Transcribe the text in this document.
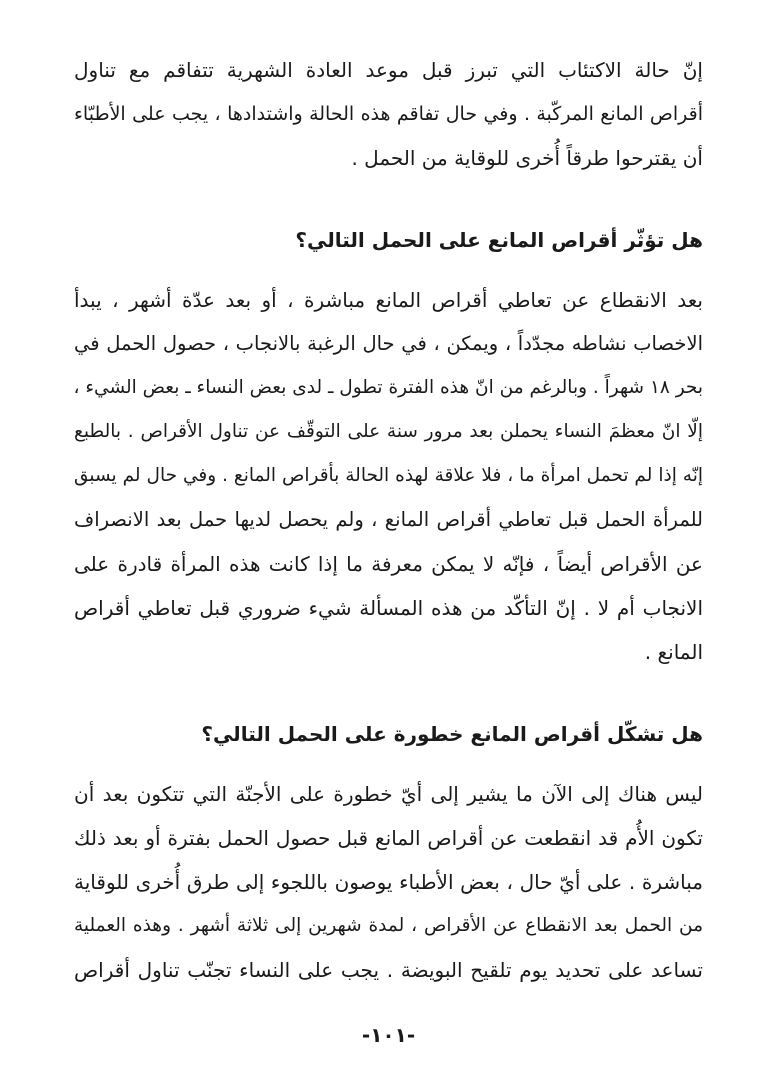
إنّ حالة الاكتئاب التي تبرز قبل موعد العادة الشهرية تتفاقم مع تناول
أقراص المانع المركّبة . وفي حال تفاقم هذه الحالة واشتدادها ، يجب على الأطبّاء
أن يقترحوا طرقاً أُخرى للوقاية من الحمل .
هل تؤثّر أقراص المانع على الحمل التالي؟
بعد الانقطاع عن تعاطي أقراص المانع مباشرة ، أو بعد عدّة أشهر ، يبدأ
الاخصاب نشاطه مجدّداً ، ويمكن ، في حال الرغبة بالانجاب ، حصول الحمل في
بحر ١٨ شهراً . وبالرغم من انّ هذه الفترة تطول ـ لدى بعض النساء ـ بعض الشيء ،
إلّا انّ معظمَ النساء يحملن بعد مرور سنة على التوقّف عن تناول الأقراص . بالطبع
إنّه إذا لم تحمل امرأة ما ، فلا علاقة لهذه الحالة بأقراص المانع . وفي حال لم يسبق
للمرأة الحمل قبل تعاطي أقراص المانع ، ولم يحصل لديها حمل بعد الانصراف
عن الأقراص أيضاً ، فإنّه لا يمكن معرفة ما إذا كانت هذه المرأة قادرة على
الانجاب أم لا . إنّ التأكّد من هذه المسألة شيء ضروري قبل تعاطي أقراص
المانع .
هل تشكّل أقراص المانع خطورة على الحمل التالي؟
ليس هناك إلى الآن ما يشير إلى أيّ خطورة على الأجنّة التي تتكون بعد أن
تكون الأُم قد انقطعت عن أقراص المانع قبل حصول الحمل بفترة أو بعد ذلك
مباشرة . على أيّ حال ، بعض الأطباء يوصون باللجوء إلى طرق أُخرى للوقاية
من الحمل بعد الانقطاع عن الأقراص ، لمدة شهرين إلى ثلاثة أشهر . وهذه العملية
تساعد على تحديد يوم تلقيح البويضة . يجب على النساء تجنّب تناول أقراص
-١٠١-
